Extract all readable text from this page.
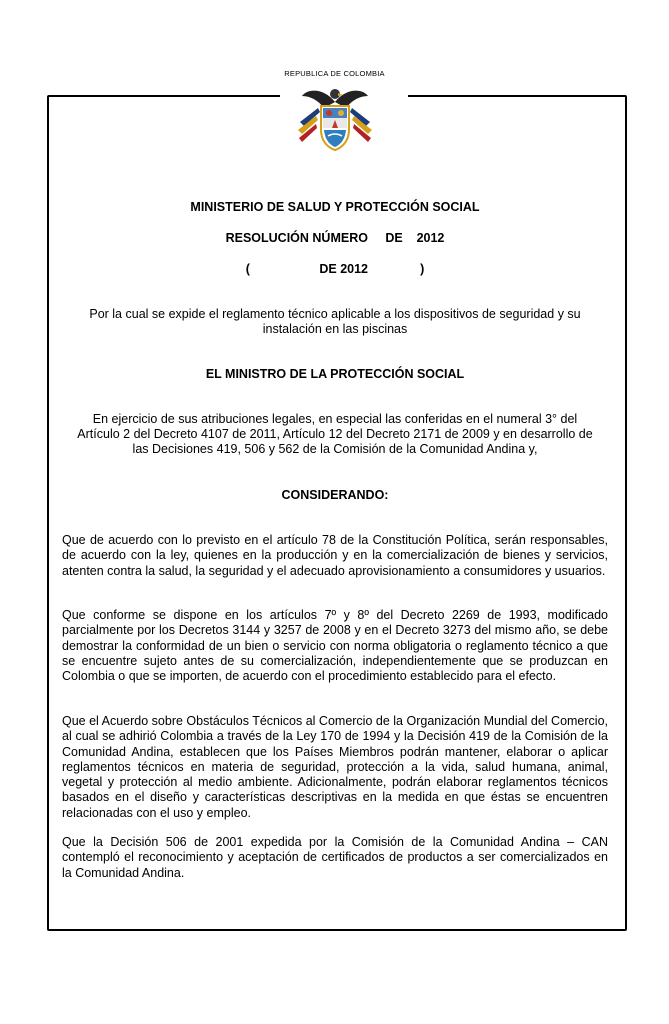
REPUBLICA DE COLOMBIA
MINISTERIO DE SALUD Y PROTECCIÓN SOCIAL
RESOLUCIÓN NÚMERO     DE    2012
(                    DE 2012               )
Por la cual se expide el reglamento técnico aplicable a los dispositivos de seguridad y su
instalación en las piscinas
EL MINISTRO DE LA PROTECCIÓN SOCIAL
En ejercicio de sus atribuciones legales, en especial las conferidas en el numeral 3° del
Artículo 2 del Decreto 4107 de 2011, Artículo 12 del Decreto 2171 de 2009 y en desarrollo de
las Decisiones 419, 506 y 562 de la Comisión de la Comunidad Andina y,
CONSIDERANDO:
Que de acuerdo con lo previsto en el artículo 78 de la Constitución Política, serán responsables, de acuerdo con la ley, quienes en la producción y en la comercialización de bienes y servicios, atenten contra la salud, la seguridad y el adecuado aprovisionamiento a consumidores y usuarios.
Que conforme se dispone en los artículos 7º y 8º del Decreto 2269 de 1993, modificado parcialmente por los Decretos 3144 y 3257 de 2008 y en el Decreto 3273 del mismo año, se debe demostrar la conformidad de un bien o servicio con norma obligatoria o reglamento técnico a que se encuentre sujeto antes de su comercialización, independientemente que se produzcan en Colombia o que se importen, de acuerdo con el procedimiento establecido para el efecto.
Que el Acuerdo sobre Obstáculos Técnicos al Comercio de la Organización Mundial del Comercio, al cual se adhirió Colombia a través de la Ley 170 de 1994 y la Decisión 419 de la Comisión de la Comunidad Andina, establecen que los Países Miembros podrán mantener, elaborar o aplicar reglamentos técnicos en materia de seguridad, protección a la vida, salud humana, animal, vegetal y protección al medio ambiente. Adicionalmente, podrán elaborar reglamentos técnicos basados en el diseño y características descriptivas en la medida en que éstas se encuentren relacionadas con el uso y empleo.
Que la Decisión 506 de 2001 expedida por la Comisión de la Comunidad Andina – CAN contempló el reconocimiento y aceptación de certificados de productos a ser comercializados en la Comunidad Andina.
